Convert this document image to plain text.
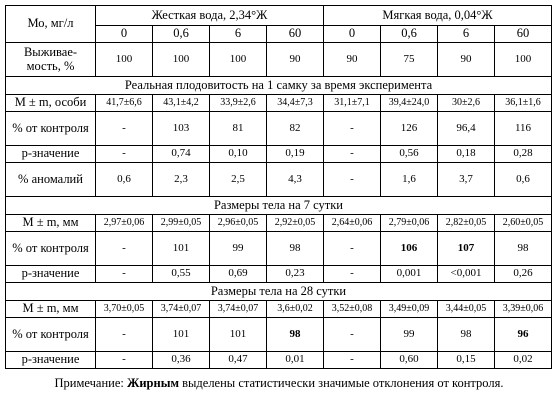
Мо, мг/л	Жесткая вода, 2,34°Ж				Мягкая вода, 0,04°Ж			
	0	0,6	6	60	0	0,6	6	60
Выживае-мость, %	100	100	100	90	90	75	90	100
Реальная плодовитость на 1 самку за время эксперимента								
M ± m, особи	41,7±6,6	43,1±4,2	33,9±2,6	34,4±7,3	31,1±7,1	39,4±24,0	30±2,6	36,1±1,6
% от контроля	-	103	81	82	-	126	96,4	116
р-значение	-	0,74	0,10	0,19	-	0,56	0,18	0,28
% аномалий	0,6	2,3	2,5	4,3	-	1,6	3,7	0,6
Размеры тела на 7 сутки								
M ± m, мм	2,97±0,06	2,99±0,05	2,96±0,05	2,92±0,05	2,64±0,06	2,79±0,06	2,82±0,05	2,60±0,05
% от контроля	-	101	99	98	-	106	107	98
р-значение	-	0,55	0,69	0,23	-	0,001	<0,001	0,26
Размеры тела на 28 сутки								
M ± m, мм	3,70±0,05	3,74±0,07	3,74±0,07	3,6±0,02	3,52±0,08	3,49±0,09	3,44±0,05	3,39±0,06
% от контроля	-	101	101	98	-	99	98	96
р-значение	-	0,36	0,47	0,01	-	0,60	0,15	0,02
Примечание: Жирным выделены статистически значимые отклонения от контроля.
